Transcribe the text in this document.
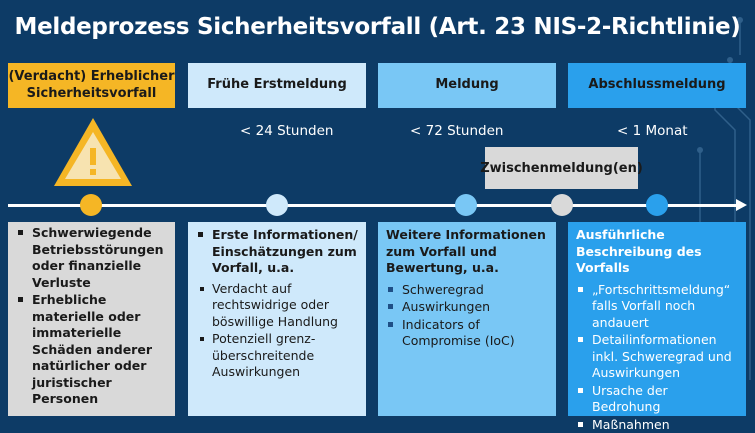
Meldeprozess Sicherheitsvorfall (Art. 23 NIS-2-Richtlinie)
(Verdacht) Erheblicher Sicherheitsvorfall
Frühe Erstmeldung	Meldung	Abschlussmeldung
< 24 Stunden	< 72 Stunden	< 1 Monat
Zwischenmeldung(en)
Schwerwiegende Betriebsstörungen oder finanzielle Verluste
Erhebliche materielle oder immaterielle Schäden anderer natürlicher oder juristischer Personen
Erste Informationen/ Einschätzungen zum Vorfall, u.a.
Verdacht auf rechtswidrige oder böswillige Handlung
Potenziell grenz-überschreitende Auswirkungen
Weitere Informationen zum Vorfall und Bewertung, u.a.
Schweregrad
Auswirkungen
Indicators of Compromise (IoC)
Ausführliche Beschreibung des Vorfalls
„Fortschrittsmeldung“ falls Vorfall noch andauert
Detailinformationen inkl. Schweregrad und Auswirkungen
Ursache der Bedrohung
Maßnahmen
